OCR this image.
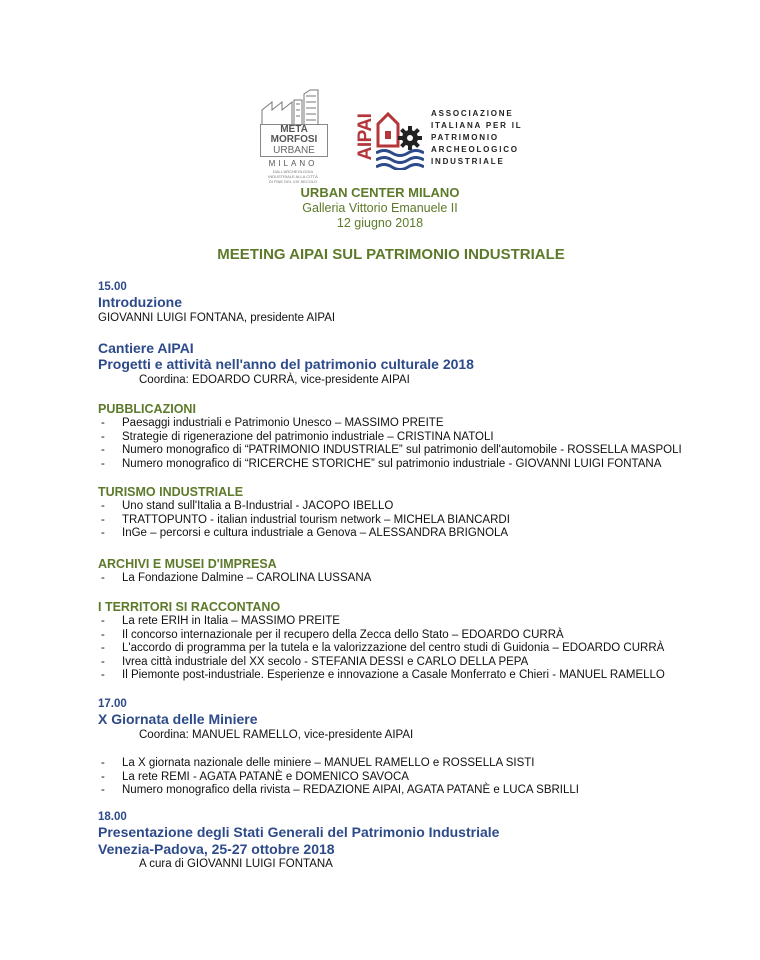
META
MORFOSI
URBANE
MILANO
DALL'ARCHEOLOGIA
INDUSTRIALE ALLA CITTÀ
DI FINE DEL XXI SECOLO
AIPAI
ASSOCIAZIONE
ITALIANA PER IL
PATRIMONIO
ARCHEOLOGICO
INDUSTRIALE
URBAN CENTER MILANO
Galleria Vittorio Emanuele II
12 giugno 2018
MEETING AIPAI SUL PATRIMONIO INDUSTRIALE
15.00
Introduzione
GIOVANNI LUIGI FONTANA, presidente AIPAI
Cantiere AIPAI
Progetti e attività nell'anno del patrimonio culturale 2018
Coordina: EDOARDO CURRÀ, vice-presidente AIPAI
PUBBLICAZIONI
- Paesaggi industriali e Patrimonio Unesco – MASSIMO PREITE
- Strategie di rigenerazione del patrimonio industriale – CRISTINA NATOLI
- Numero monografico di “PATRIMONIO INDUSTRIALE” sul patrimonio dell'automobile - ROSSELLA MASPOLI
- Numero monografico di “RICERCHE STORICHE” sul patrimonio industriale - GIOVANNI LUIGI FONTANA
TURISMO INDUSTRIALE
- Uno stand sull'Italia a B-Industrial - JACOPO IBELLO
- TRATTOPUNTO - italian industrial tourism network – MICHELA BIANCARDI
- InGe – percorsi e cultura industriale a Genova – ALESSANDRA BRIGNOLA
ARCHIVI E MUSEI D'IMPRESA
- La Fondazione Dalmine – CAROLINA LUSSANA
I TERRITORI SI RACCONTANO
- La rete ERIH in Italia – MASSIMO PREITE
- Il concorso internazionale per il recupero della Zecca dello Stato – EDOARDO CURRÀ
- L'accordo di programma per la tutela e la valorizzazione del centro studi di Guidonia – EDOARDO CURRÀ
- Ivrea città industriale del XX secolo - STEFANIA DESSI e CARLO DELLA PEPA
- Il Piemonte post-industriale. Esperienze e innovazione a Casale Monferrato e Chieri - MANUEL RAMELLO
17.00
X Giornata delle Miniere
Coordina: MANUEL RAMELLO, vice-presidente AIPAI
- La X giornata nazionale delle miniere – MANUEL RAMELLO e ROSSELLA SISTI
- La rete REMI - AGATA PATANÈ e DOMENICO SAVOCA
- Numero monografico della rivista – REDAZIONE AIPAI, AGATA PATANÈ e LUCA SBRILLI
18.00
Presentazione degli Stati Generali del Patrimonio Industriale
Venezia-Padova, 25-27 ottobre 2018
A cura di GIOVANNI LUIGI FONTANA
